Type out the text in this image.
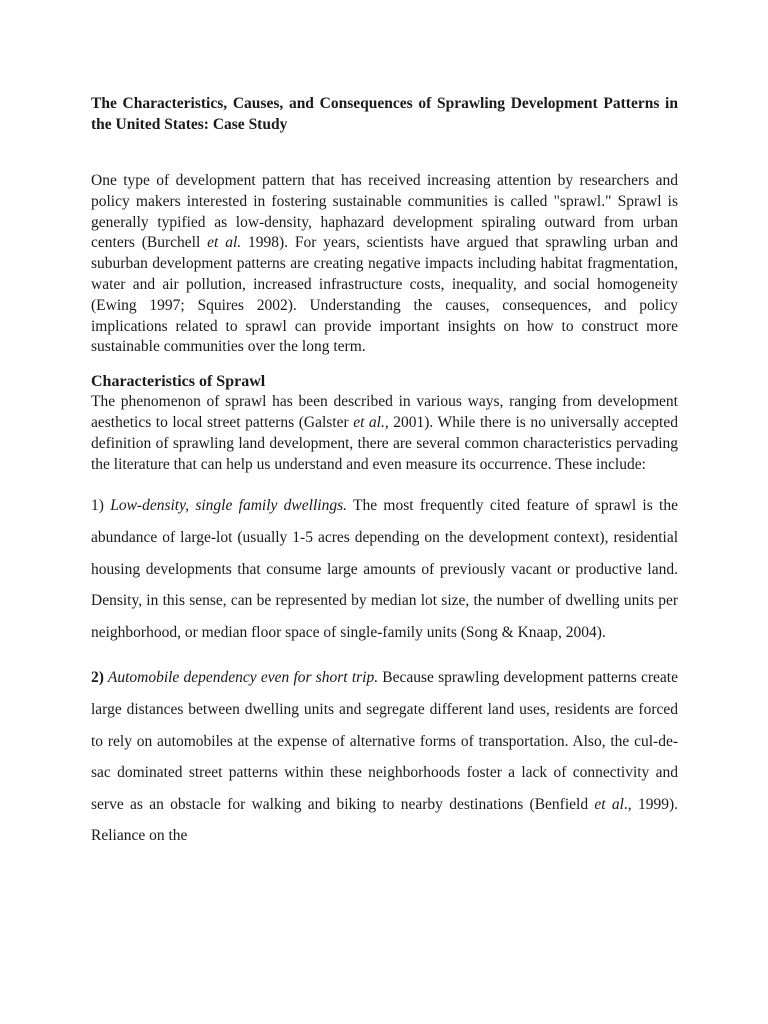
The Characteristics, Causes, and Consequences of Sprawling Development Patterns in the United States: Case Study

One type of development pattern that has received increasing attention by researchers and policy makers interested in fostering sustainable communities is called "sprawl." Sprawl is generally typified as low-density, haphazard development spiraling outward from urban centers (Burchell et al. 1998). For years, scientists have argued that sprawling urban and suburban development patterns are creating negative impacts including habitat fragmentation, water and air pollution, increased infrastructure costs, inequality, and social homogeneity (Ewing 1997; Squires 2002). Understanding the causes, consequences, and policy implications related to sprawl can provide important insights on how to construct more sustainable communities over the long term.

Characteristics of Sprawl

The phenomenon of sprawl has been described in various ways, ranging from development aesthetics to local street patterns (Galster et al., 2001). While there is no universally accepted definition of sprawling land development, there are several common characteristics pervading the literature that can help us understand and even measure its occurrence. These include:

1) Low-density, single family dwellings. The most frequently cited feature of sprawl is the abundance of large-lot (usually 1-5 acres depending on the development context), residential housing developments that consume large amounts of previously vacant or productive land. Density, in this sense, can be represented by median lot size, the number of dwelling units per neighborhood, or median floor space of single-family units (Song & Knaap, 2004).

2) Automobile dependency even for short trip. Because sprawling development patterns create large distances between dwelling units and segregate different land uses, residents are forced to rely on automobiles at the expense of alternative forms of transportation. Also, the cul-de-sac dominated street patterns within these neighborhoods foster a lack of connectivity and serve as an obstacle for walking and biking to nearby destinations (Benfield et al., 1999). Reliance on the
